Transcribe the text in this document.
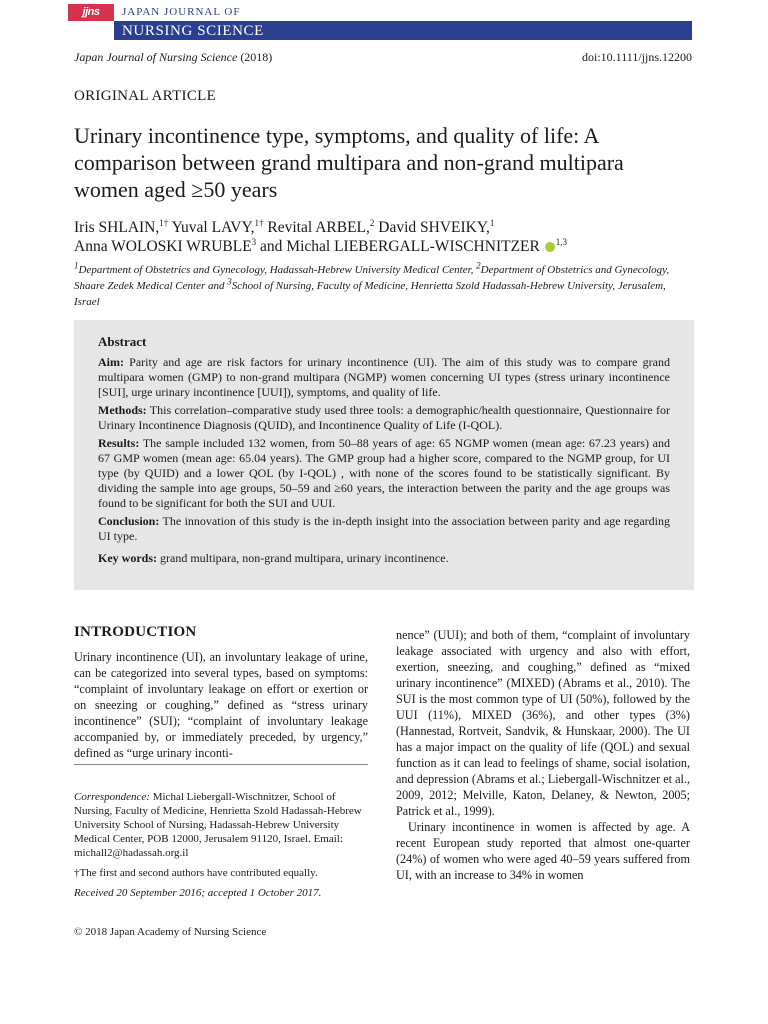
jjns	JAPAN JOURNAL OF
NURSING SCIENCE
Japan Journal of Nursing Science (2018)	doi:10.1111/jjns.12200
ORIGINAL ARTICLE
Urinary incontinence type, symptoms, and quality of life: A comparison between grand multipara and non-grand multipara women aged ≥50 years
Iris SHLAIN,$^{1\dagger}$ Yuval LAVY,$^{1\dagger}$ Revital ARBEL,$^2$ David SHVEIKY,$^1$
Anna WOLOSKI WRUBLE$^3$ and Michal LIEBERGALL-WISCHNITZER $^{1,3}$
$^1$Department of Obstetrics and Gynecology, Hadassah-Hebrew University Medical Center, $^2$Department of Obstetrics and Gynecology, Shaare Zedek Medical Center and $^3$School of Nursing, Faculty of Medicine, Henrietta Szold Hadassah-Hebrew University, Jerusalem, Israel

Abstract

Aim: Parity and age are risk factors for urinary incontinence (UI). The aim of this study was to compare grand multipara women (GMP) to non-grand multipara (NGMP) women concerning UI types (stress urinary incontinence [SUI], urge urinary incontinence [UUI]), symptoms, and quality of life.

Methods: This correlation–comparative study used three tools: a demographic/health questionnaire, Questionnaire for Urinary Incontinence Diagnosis (QUID), and Incontinence Quality of Life (I-QOL).

Results: The sample included 132 women, from 50–88 years of age: 65 NGMP women (mean age: 67.23 years) and 67 GMP women (mean age: 65.04 years). The GMP group had a higher score, compared to the NGMP group, for UI type (by QUID) and a lower QOL (by I-QOL) , with none of the scores found to be statistically significant. By dividing the sample into age groups, 50–59 and ≥60 years, the interaction between the parity and the age groups was found to be significant for both the SUI and UUI.

Conclusion: The innovation of this study is the in-depth insight into the association between parity and age regarding UI type.

Key words: grand multipara, non-grand multipara, urinary incontinence.

INTRODUCTION

Urinary incontinence (UI), an involuntary leakage of urine, can be categorized into several types, based on symptoms: “complaint of involuntary leakage on effort or exertion or on sneezing or coughing,” defined as “stress urinary incontinence” (SUI); “complaint of involuntary leakage accompanied by, or immediately preceded, by urgency,” defined as “urge urinary inconti-

Correspondence: Michal Liebergall-Wischnitzer, School of Nursing, Faculty of Medicine, Henrietta Szold Hadassah-Hebrew University School of Nursing, Hadassah-Hebrew University Medical Center, POB 12000, Jerusalem 91120, Israel. Email: michall2@hadassah.org.il

†The first and second authors have contributed equally.

Received 20 September 2016; accepted 1 October 2017.

nence” (UUI); and both of them, “complaint of involuntary leakage associated with urgency and also with effort, exertion, sneezing, and coughing,” defined as “mixed urinary incontinence” (MIXED) (Abrams et al., 2010). The SUI is the most common type of UI (50%), followed by the UUI (11%), MIXED (36%), and other types (3%) (Hannestad, Rortveit, Sandvik, & Hunskaar, 2000). The UI has a major impact on the quality of life (QOL) and sexual function as it can lead to feelings of shame, social isolation, and depression (Abrams et al.; Liebergall-Wischnitzer et al., 2009, 2012; Melville, Katon, Delaney, & Newton, 2005; Patrick et al., 1999).

Urinary incontinence in women is affected by age. A recent European study reported that almost one-quarter (24%) of women who were aged 40–59 years suffered from UI, with an increase to 34% in women

© 2018 Japan Academy of Nursing Science
